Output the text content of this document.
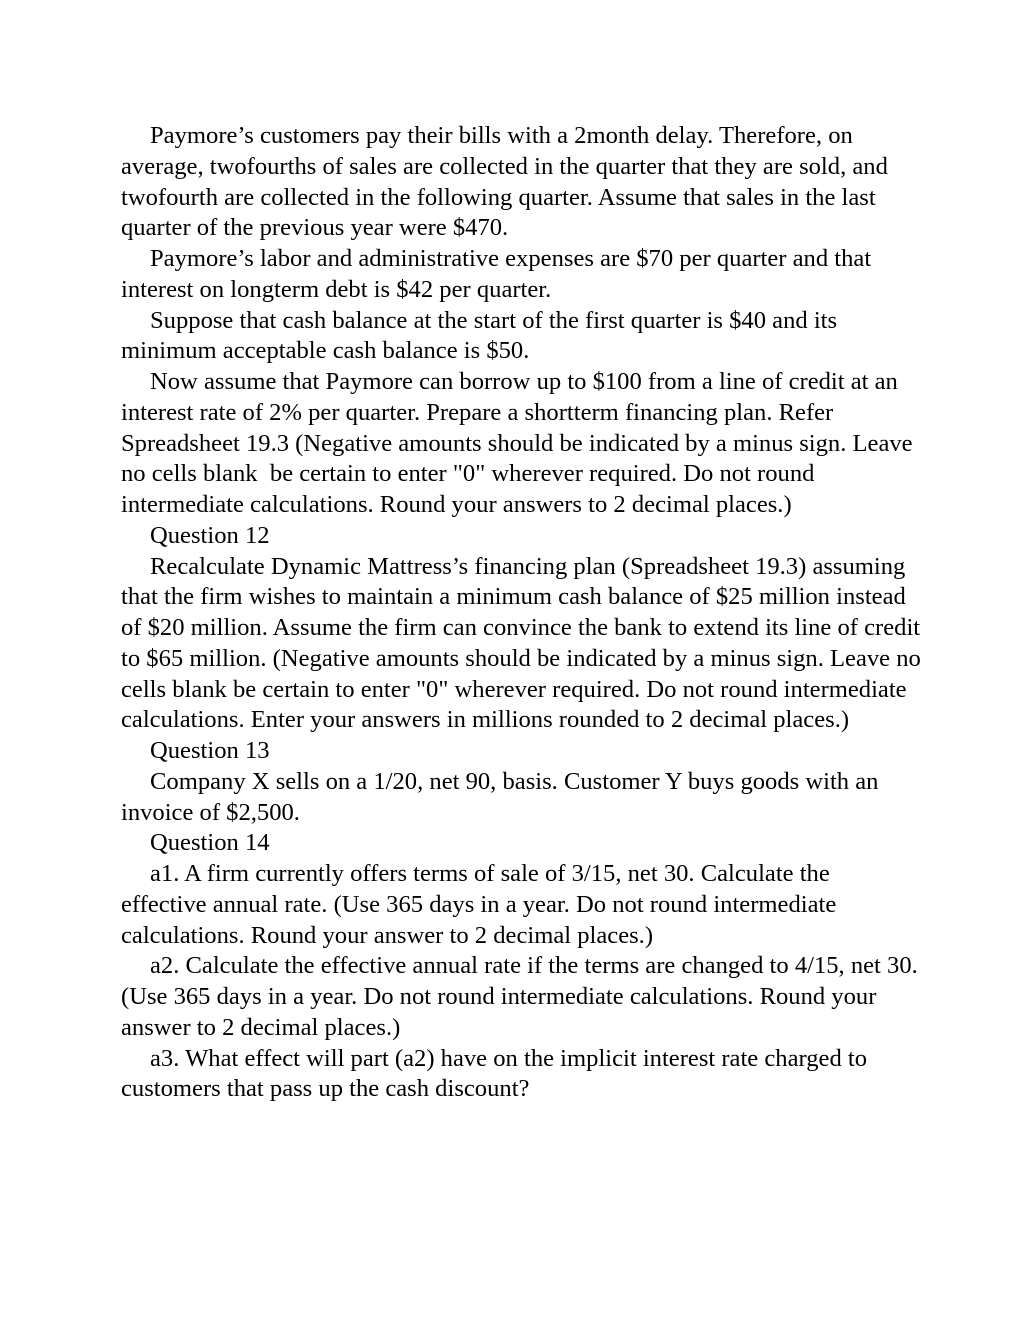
Paymore’s customers pay their bills with a 2month delay. Therefore, on average, twofourths of sales are collected in the quarter that they are sold, and twofourth are collected in the following quarter. Assume that sales in the last quarter of the previous year were $470.

Paymore’s labor and administrative expenses are $70 per quarter and that interest on longterm debt is $42 per quarter.

Suppose that cash balance at the start of the first quarter is $40 and its minimum acceptable cash balance is $50.

Now assume that Paymore can borrow up to $100 from a line of credit at an interest rate of 2% per quarter. Prepare a shortterm financing plan. Refer Spreadsheet 19.3 (Negative amounts should be indicated by a minus sign. Leave no cells blank  be certain to enter "0" wherever required. Do not round intermediate calculations. Round your answers to 2 decimal places.)

Question 12

Recalculate Dynamic Mattress’s financing plan (Spreadsheet 19.3) assuming that the firm wishes to maintain a minimum cash balance of $25 million instead of $20 million. Assume the firm can convince the bank to extend its line of credit to $65 million. (Negative amounts should be indicated by a minus sign. Leave no cells blank be certain to enter "0" wherever required. Do not round intermediate calculations. Enter your answers in millions rounded to 2 decimal places.)

Question 13

Company X sells on a 1/20, net 90, basis. Customer Y buys goods with an invoice of $2,500.

Question 14

a1. A firm currently offers terms of sale of 3/15, net 30. Calculate the effective annual rate. (Use 365 days in a year. Do not round intermediate calculations. Round your answer to 2 decimal places.)

a2. Calculate the effective annual rate if the terms are changed to 4/15, net 30. (Use 365 days in a year. Do not round intermediate calculations. Round your answer to 2 decimal places.)

a3. What effect will part (a2) have on the implicit interest rate charged to customers that pass up the cash discount?
